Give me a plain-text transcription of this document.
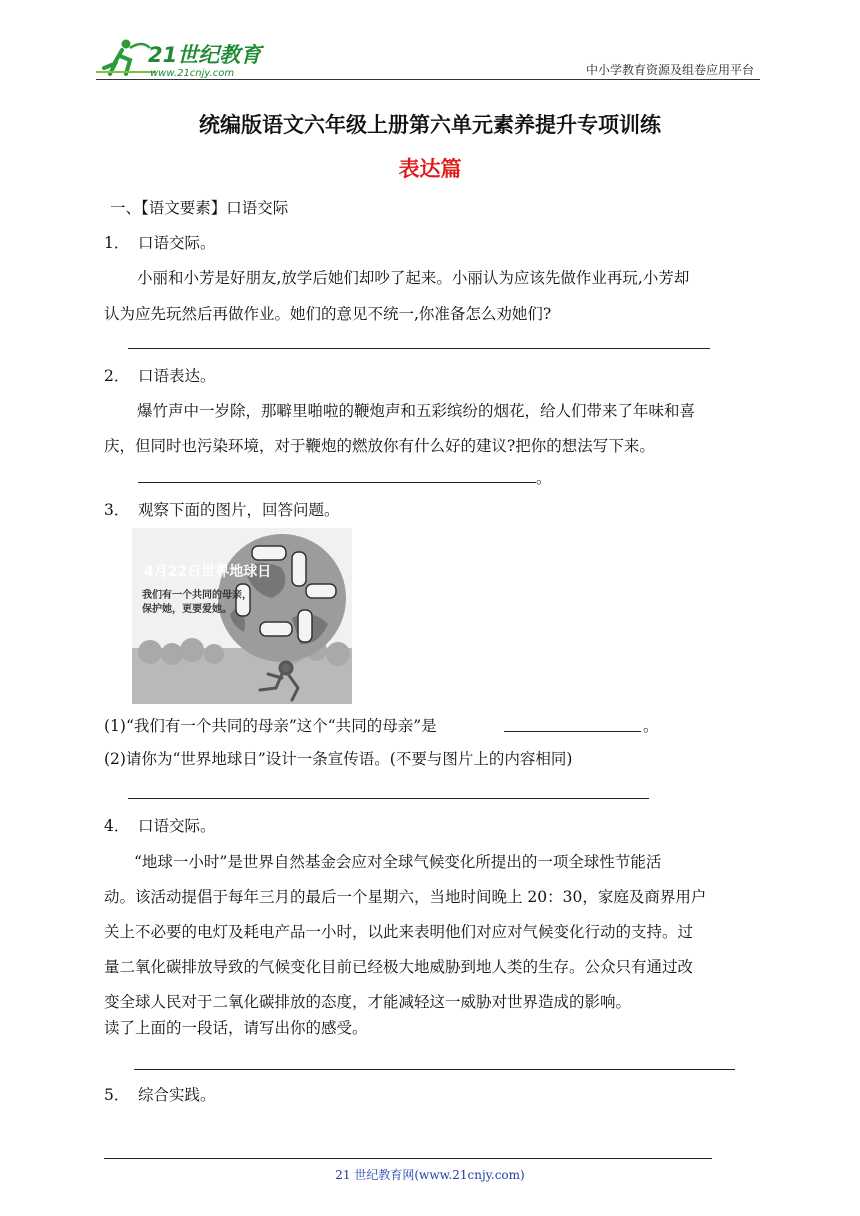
21世纪教育
www.21cnjy.com	中小学教育资源及组卷应用平台
统编版语文六年级上册第六单元素养提升专项训练
表达篇
一、【语文要素】口语交际
1． 口语交际。
小丽和小芳是好朋友,放学后她们却吵了起来。小丽认为应该先做作业再玩,小芳却
认为应先玩然后再做作业。她们的意见不统一,你准备怎么劝她们?
2． 口语表达。
爆竹声中一岁除，那噼里啪啦的鞭炮声和五彩缤纷的烟花，给人们带来了年味和喜
庆，但同时也污染环境，对于鞭炮的燃放你有什么好的建议?把你的想法写下来。
。
3． 观察下面的图片，回答问题。
4月22日世界地球日
我们有一个共同的母亲，
保护她，更要爱她。
(1)“我们有一个共同的母亲”这个“共同的母亲”是	。
(2)请你为“世界地球日”设计一条宣传语。(不要与图片上的内容相同)
4． 口语交际。
“地球一小时”是世界自然基金会应对全球气候变化所提出的一项全球性节能活
动。该活动提倡于每年三月的最后一个星期六，当地时间晚上 20：30，家庭及商界用户
关上不必要的电灯及耗电产品一小时，以此来表明他们对应对气候变化行动的支持。过
量二氧化碳排放导致的气候变化目前已经极大地威胁到地人类的生存。公众只有通过改
变全球人民对于二氧化碳排放的态度，才能减轻这一威胁对世界造成的影响。
读了上面的一段话，请写出你的感受。
5． 综合实践。
21 世纪教育网(www.21cnjy.com)
